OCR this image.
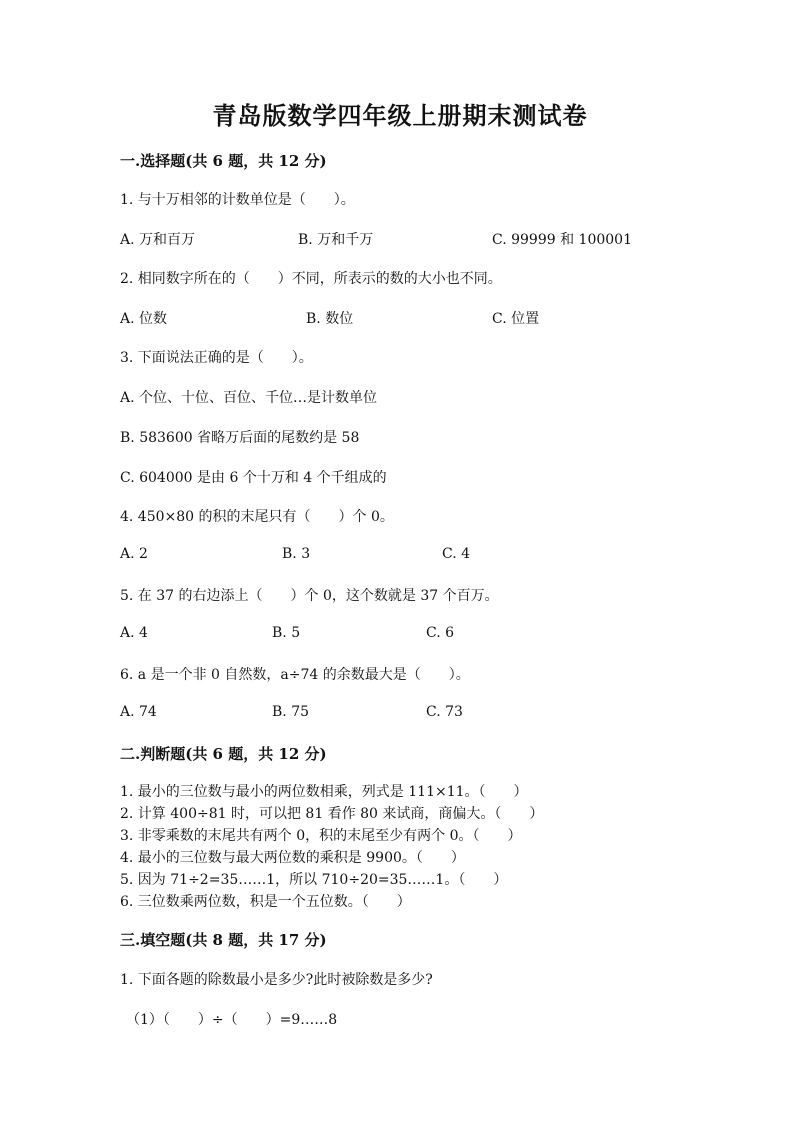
青岛版数学四年级上册期末测试卷
一.选择题(共 6 题，共 12 分)
1. 与十万相邻的计数单位是（　　）。
A. 万和百万	B. 万和千万	C. 99999 和 100001
2. 相同数字所在的（　　）不同，所表示的数的大小也不同。
A. 位数	B. 数位	C. 位置
3. 下面说法正确的是（　　）。
A. 个位、十位、百位、千位…是计数单位
B. 583600 省略万后面的尾数约是 58
C. 604000 是由 6 个十万和 4 个千组成的
4. 450×80 的积的末尾只有（　　）个 0。
A. 2	B. 3	C. 4
5. 在 37 的右边添上（　　）个 0，这个数就是 37 个百万。
A. 4	B. 5	C. 6
6. a 是一个非 0 自然数，a÷74 的余数最大是（　　）。
A. 74	B. 75	C. 73
二.判断题(共 6 题，共 12 分)
1. 最小的三位数与最小的两位数相乘，列式是 111×11。（　　）
2. 计算 400÷81 时，可以把 81 看作 80 来试商，商偏大。（　　）
3. 非零乘数的末尾共有两个 0，积的末尾至少有两个 0。（　　）
4. 最小的三位数与最大两位数的乘积是 9900。（　　）
5. 因为 71÷2=35……1，所以 710÷20=35……1。（　　）
6. 三位数乘两位数，积是一个五位数。（　　）
三.填空题(共 8 题，共 17 分)
1. 下面各题的除数最小是多少?此时被除数是多少?
（1）（　　）÷（　　）=9……8
